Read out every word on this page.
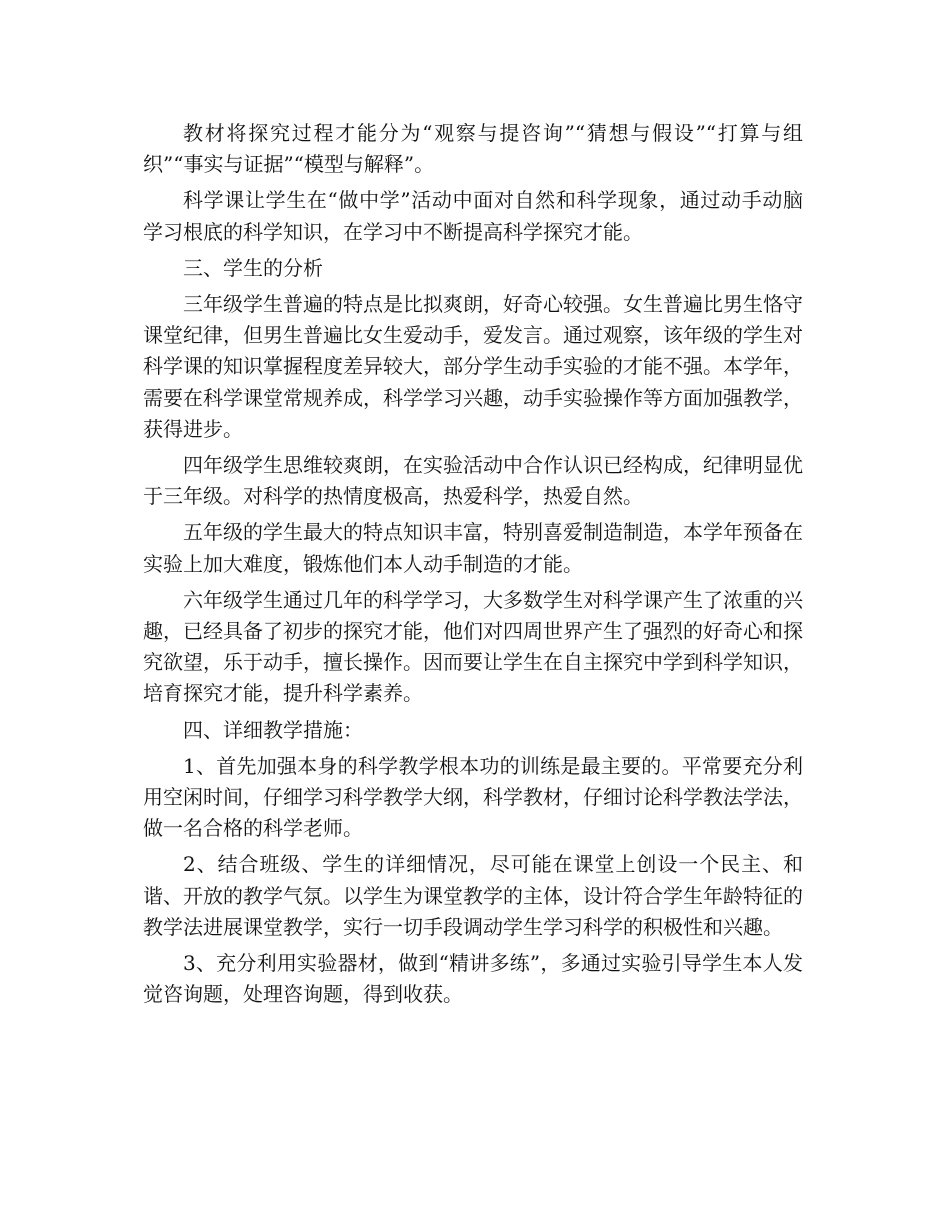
教材将探究过程才能分为“观察与提咨询”“猜想与假设”“打算与组织”“事实与证据”“模型与解释”。

科学课让学生在“做中学”活动中面对自然和科学现象，通过动手动脑学习根底的科学知识，在学习中不断提高科学探究才能。

三、学生的分析

三年级学生普遍的特点是比拟爽朗，好奇心较强。女生普遍比男生恪守课堂纪律，但男生普遍比女生爱动手，爱发言。通过观察，该年级的学生对科学课的知识掌握程度差异较大，部分学生动手实验的才能不强。本学年，需要在科学课堂常规养成，科学学习兴趣，动手实验操作等方面加强教学，获得进步。

四年级学生思维较爽朗，在实验活动中合作认识已经构成，纪律明显优于三年级。对科学的热情度极高，热爱科学，热爱自然。

五年级的学生最大的特点知识丰富，特别喜爱制造制造，本学年预备在实验上加大难度，锻炼他们本人动手制造的才能。

六年级学生通过几年的科学学习，大多数学生对科学课产生了浓重的兴趣，已经具备了初步的探究才能，他们对四周世界产生了强烈的好奇心和探究欲望，乐于动手，擅长操作。因而要让学生在自主探究中学到科学知识，培育探究才能，提升科学素养。

四、详细教学措施：

1、首先加强本身的科学教学根本功的训练是最主要的。平常要充分利用空闲时间，仔细学习科学教学大纲，科学教材，仔细讨论科学教法学法，做一名合格的科学老师。

2、结合班级、学生的详细情况，尽可能在课堂上创设一个民主、和谐、开放的教学气氛。以学生为课堂教学的主体，设计符合学生年龄特征的教学法进展课堂教学，实行一切手段调动学生学习科学的积极性和兴趣。

3、充分利用实验器材，做到“精讲多练”，多通过实验引导学生本人发觉咨询题，处理咨询题，得到收获。
